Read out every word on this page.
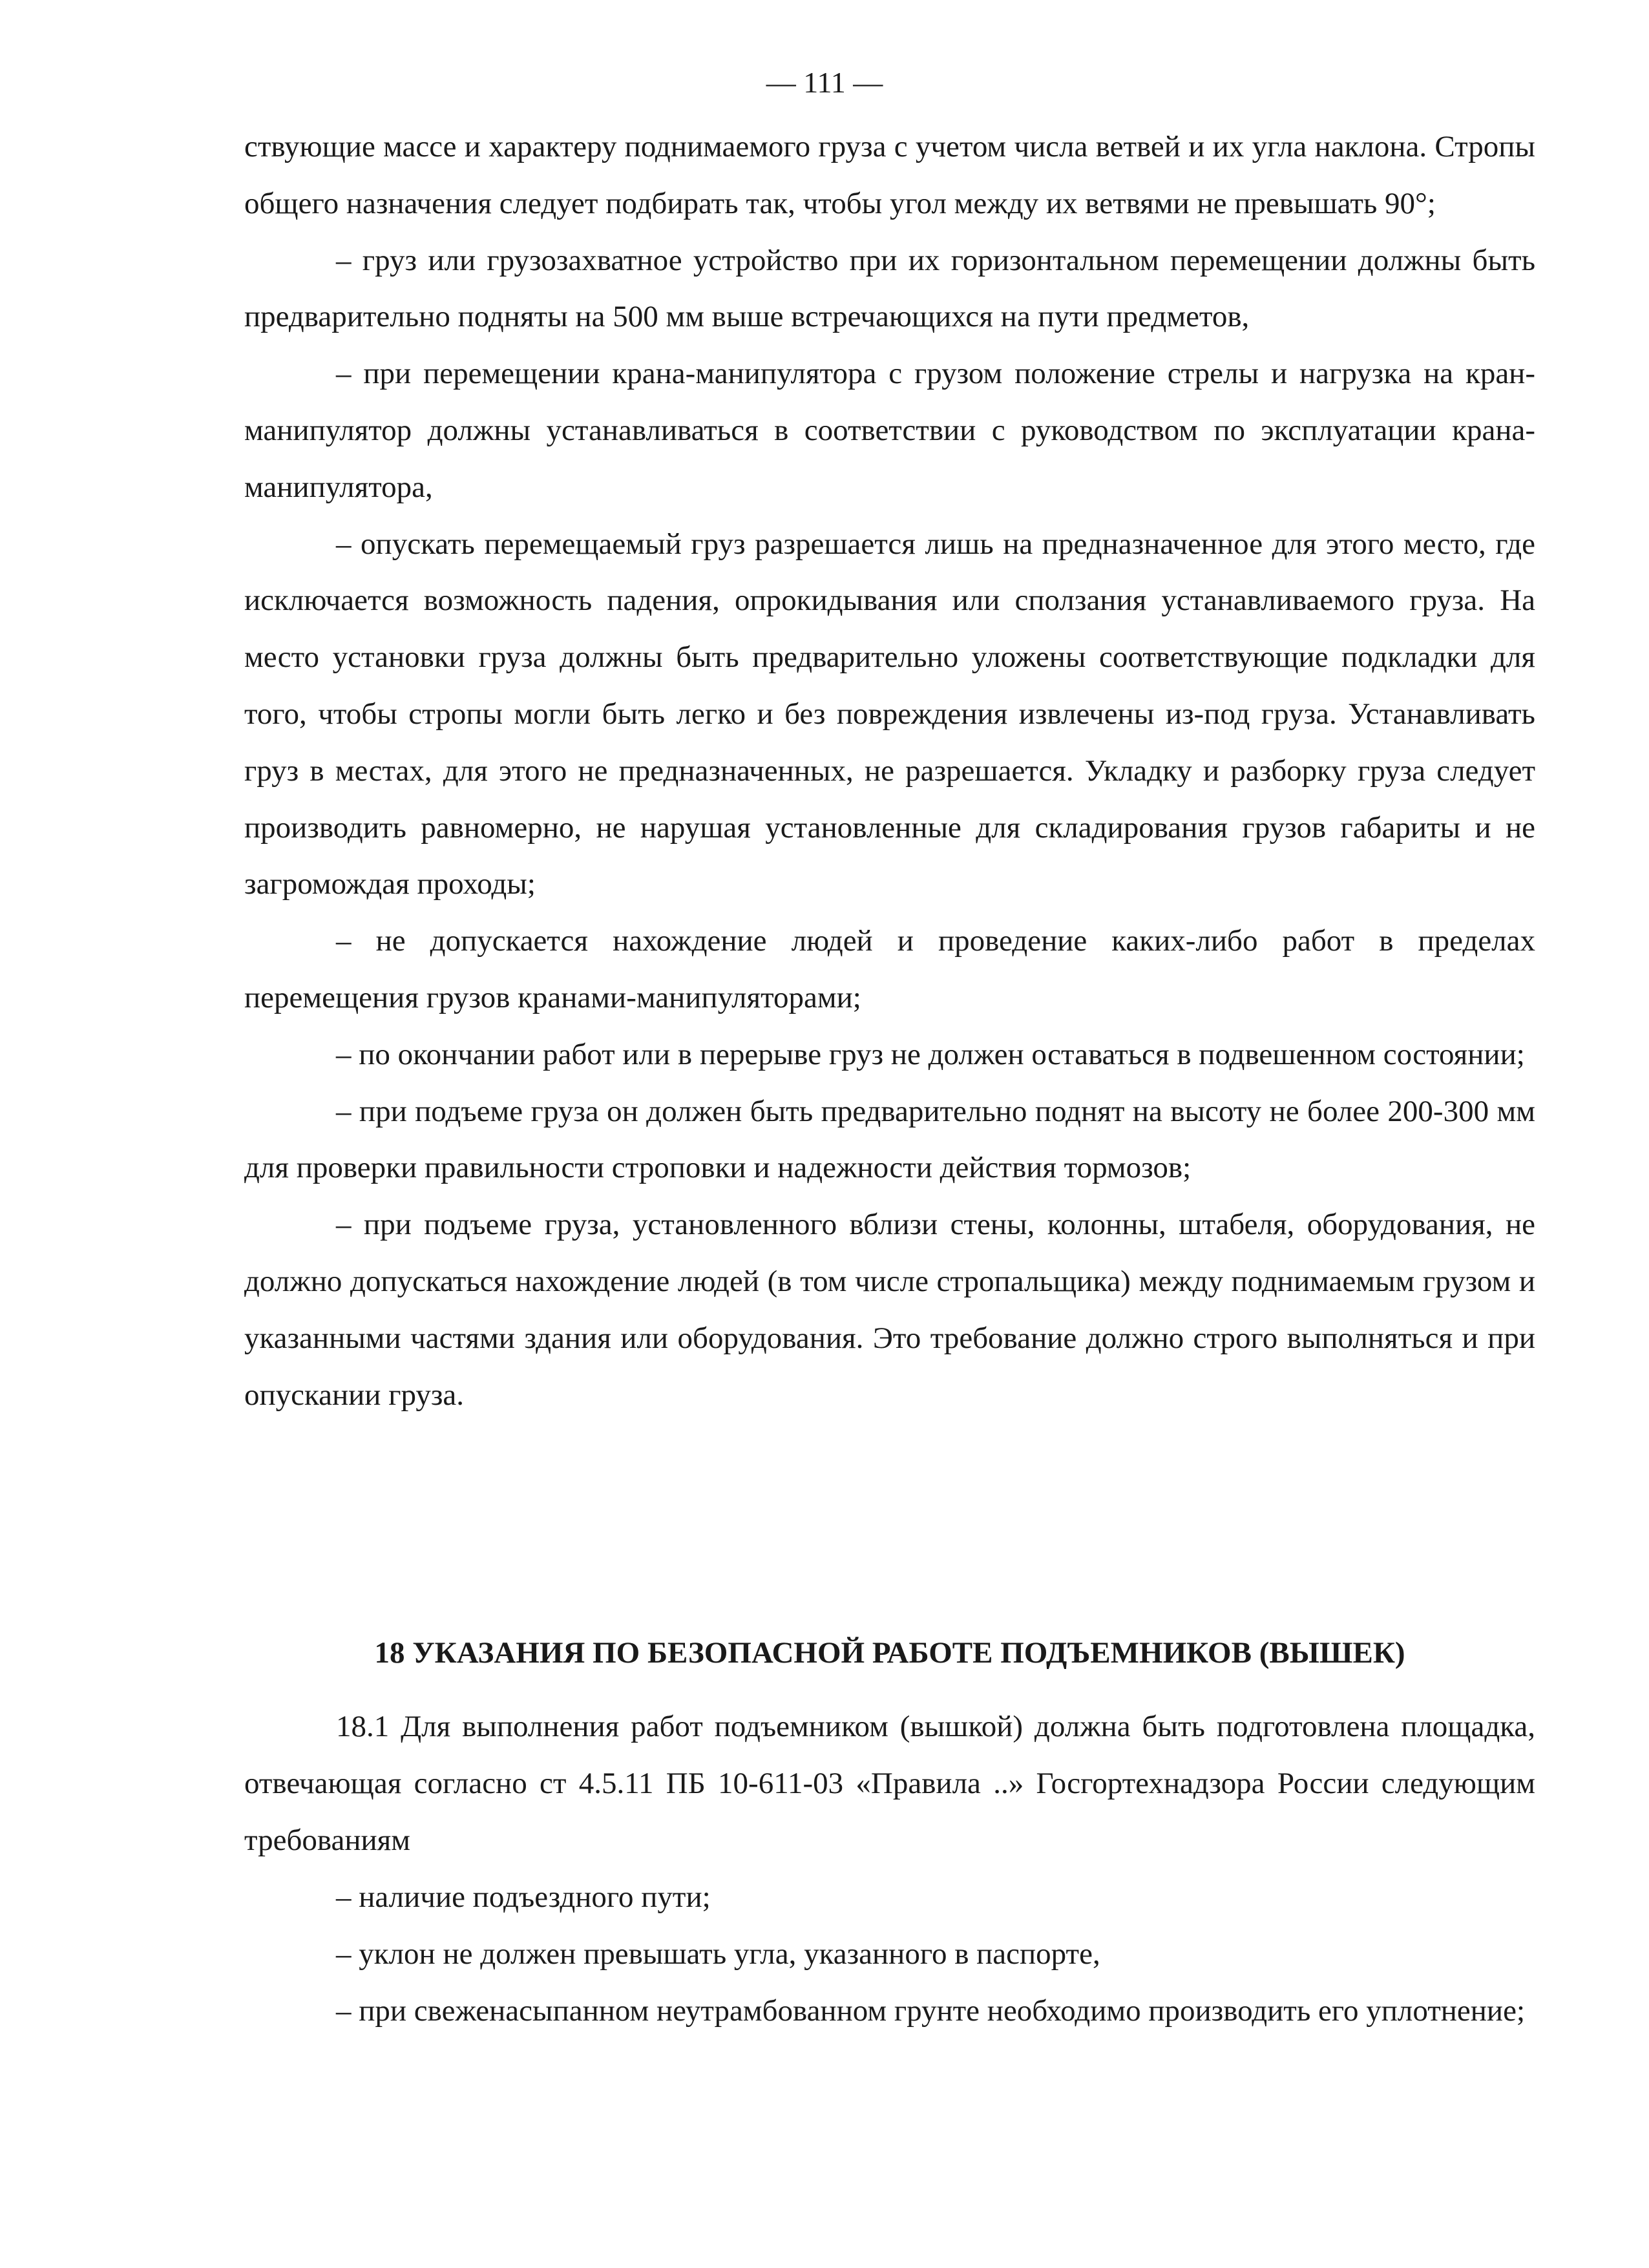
— 111 —

ствующие массе и характеру поднимаемого груза с учетом числа ветвей и их угла наклона. Стропы общего назначения следует подбирать так, чтобы угол между их ветвями не превышать 90°;

– груз или грузозахватное устройство при их горизонтальном перемещении должны быть предварительно подняты на 500 мм выше встречающихся на пути предметов,

– при перемещении крана-манипулятора с грузом положение стрелы и нагрузка на кран-манипулятор должны устанавливаться в соответствии с руководством по эксплуатации крана-манипулятора,

– опускать перемещаемый груз разрешается лишь на предназначенное для этого место, где исключается возможность падения, опрокидывания или сползания устанавливаемого груза. На место установки груза должны быть предварительно уложены соответствующие подкладки для того, чтобы стропы могли быть легко и без повреждения извлечены из-под груза. Устанавливать груз в местах, для этого не предназначенных, не разрешается. Укладку и разборку груза следует производить равномерно, не нарушая установленные для складирования грузов габариты и не загромождая проходы;

– не допускается нахождение людей и проведение каких-либо работ в пределах перемещения грузов кранами-манипуляторами;

– по окончании работ или в перерыве груз не должен оставаться в подвешенном состоянии;

– при подъеме груза он должен быть предварительно поднят на высоту не более 200-300 мм для проверки правильности строповки и надежности действия тормозов;

– при подъеме груза, установленного вблизи стены, колонны, штабеля, оборудования, не должно допускаться нахождение людей (в том числе стропальщика) между поднимаемым грузом и указанными частями здания или оборудования. Это требование должно строго выполняться и при опускании груза.

18 УКАЗАНИЯ ПО БЕЗОПАСНОЙ РАБОТЕ ПОДЪЕМНИКОВ (ВЫШЕК)

18.1 Для выполнения работ подъемником (вышкой) должна быть подготовлена площадка, отвечающая согласно ст 4.5.11 ПБ 10-611-03 «Правила ..» Госгортехнадзора России следующим требованиям

– наличие подъездного пути;

– уклон не должен превышать угла, указанного в паспорте,

– при свеженасыпанном неутрамбованном грунте необходимо производить его уплотнение;
